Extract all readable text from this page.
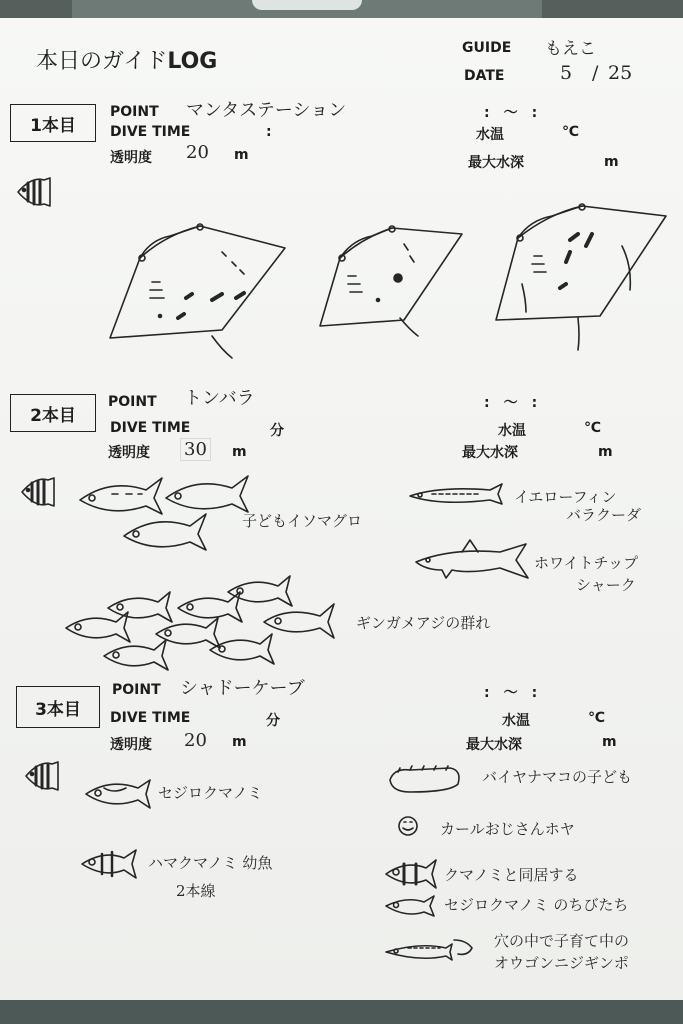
本日のガイドLOG
GUIDE もえこ
DATE	5 / 25
1本目
POINT マンタステーション
DIVE TIME	:
透明度 20 m
:　〜　:
水温	℃
最大水深	m
2本目
POINT トンバラ
DIVE TIME	分
透明度 30 m
:　〜　:
水温	℃
最大水深	m
子どもイソマグロ
イエローフィン
バラクーダ
ホワイトチップ
シャーク
ギンガメアジの群れ
3本目
POINT シャドーケーブ
DIVE TIME	分
透明度 20 m
:　〜　:
水温	℃
最大水深	m
セジロクマノミ
ハマクマノミ 幼魚
2本線
バイヤナマコの子ども
カールおじさんホヤ
クマノミと同居する
セジロクマノミ のちびたち
穴の中で子育て中の
オウゴンニジギンポ
